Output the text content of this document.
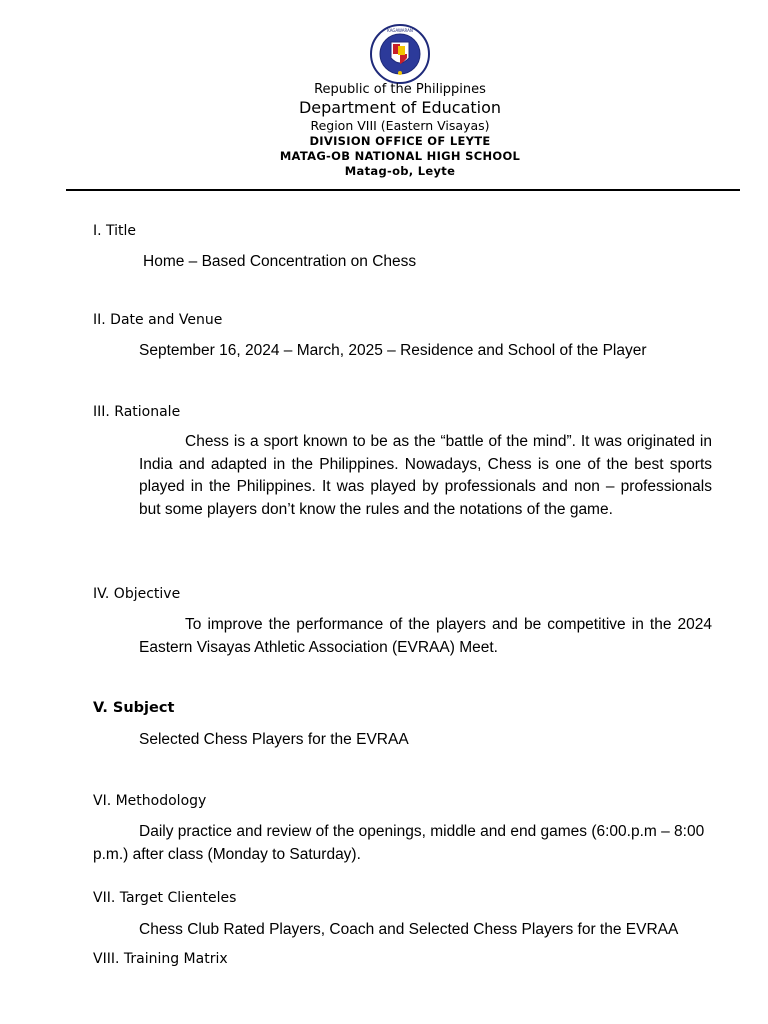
KAGAWARAN
Republic of the Philippines
Department of Education
Region VIII (Eastern Visayas)
DIVISION OFFICE OF LEYTE
MATAG-OB NATIONAL HIGH SCHOOL
Matag-ob, Leyte
I. Title
Home – Based Concentration on Chess
II. Date and Venue
September 16, 2024 – March, 2025 – Residence and School of the Player
III. Rationale
Chess is a sport known to be as the “battle of the mind”. It was originated in India and adapted in the Philippines. Nowadays, Chess is one of the best sports played in the Philippines. It was played by professionals and non – professionals but some players don’t know the rules and the notations of the game.
IV. Objective
To improve the performance of the players and be competitive in the 2024 Eastern Visayas Athletic Association (EVRAA) Meet.
V. Subject
Selected Chess Players for the EVRAA
VI. Methodology
Daily practice and review of the openings, middle and end games (6:00.p.m – 8:00 p.m.) after class (Monday to Saturday).
VII. Target Clienteles
Chess Club Rated Players, Coach and Selected Chess Players for the EVRAA
VIII. Training Matrix
